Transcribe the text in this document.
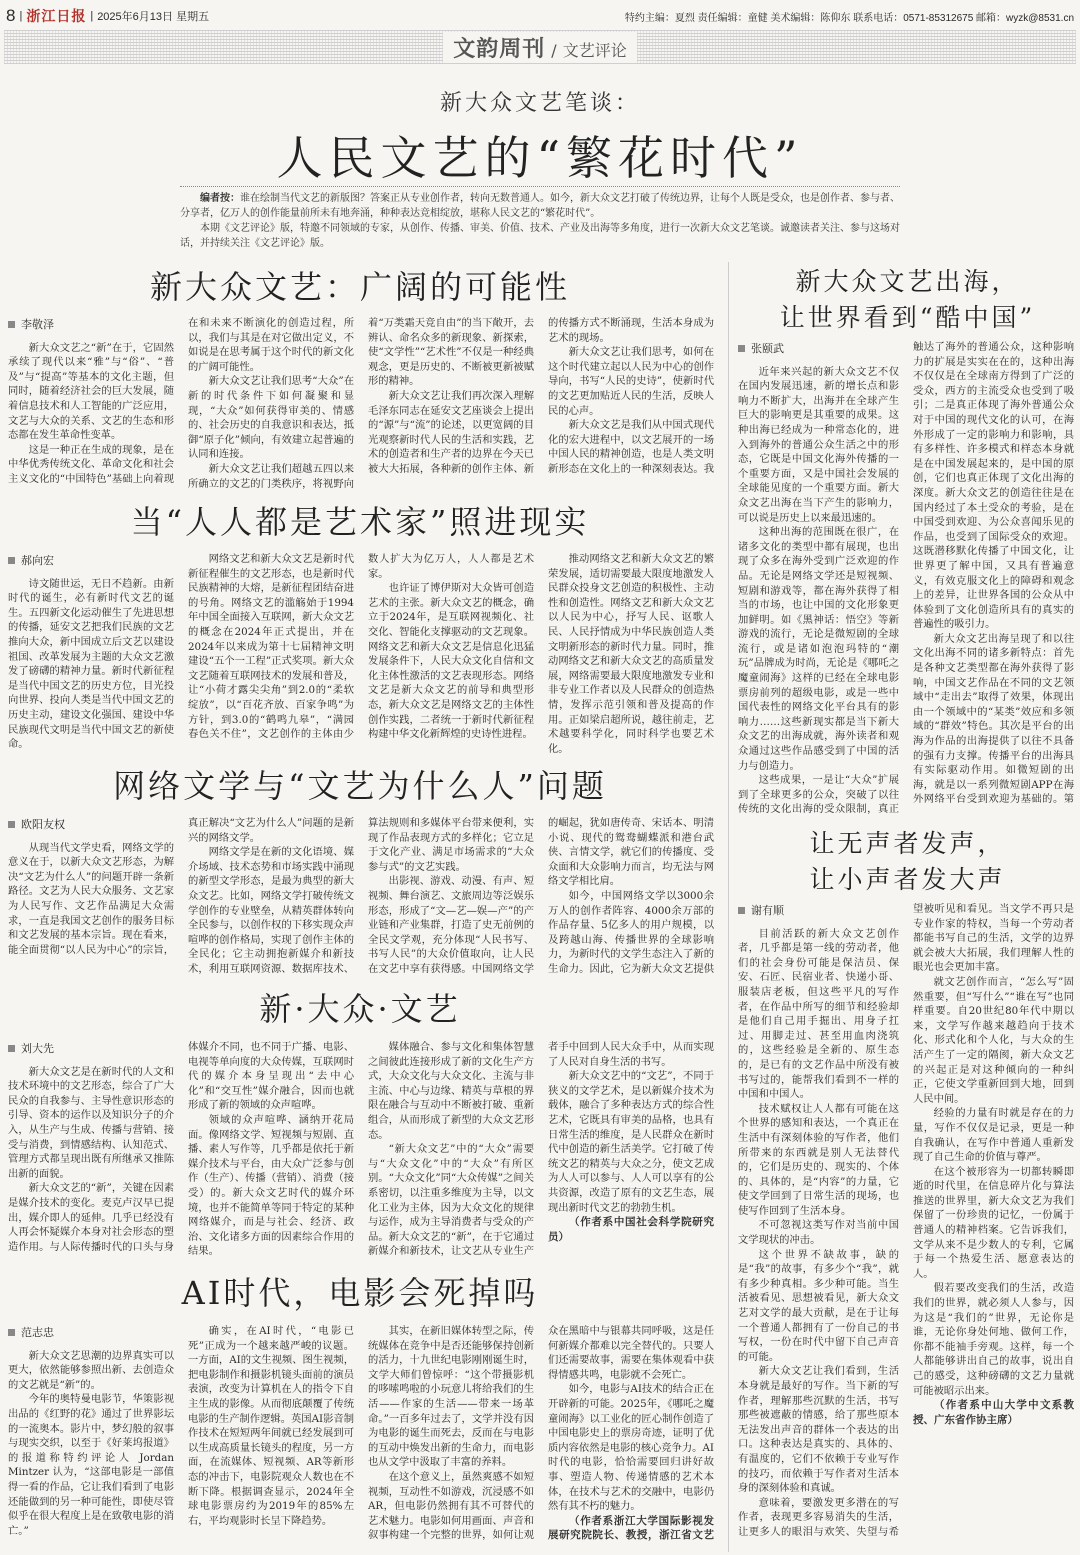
8 | 浙江日报 | 2025年6月13日 星期五	特约主编：夏烈 责任编辑：童健 美术编辑：陈仰东 联系电话：0571-85312675 邮箱：wyzk@8531.cn
文韵周刊 / 文艺评论
新大众文艺笔谈：
人民文艺的“繁花时代”

编者按：谁在绘制当代文艺的新版图？答案正从专业创作者，转向无数普通人。如今，新大众文艺打破了传统边界，让每个人既是受众，也是创作者、参与者、分享者，亿万人的创作能量前所未有地奔涌，种种表达竞相绽放，堪称人民文艺的“繁花时代”。

本期《文艺评论》版，特邀不同领域的专家，从创作、传播、审美、价值、技术、产业及出海等多角度，进行一次新大众文艺笔谈。诚邀读者关注、参与这场对话，并持续关注《文艺评论》版。

新大众文艺：广阔的可能性

李敬泽

新大众文艺之“新”在于，它固然承续了现代以来“雅”与“俗”、“普及”与“提高”等基本的文化主题，但同时，随着经济社会的巨大发展，随着信息技术和人工智能的广泛应用，文艺与大众的关系、文艺的生态和形态都在发生革命性变革。

这是一种正在生成的现象，是在中华优秀传统文化、革命文化和社会主义文化的“中国特色”基础上向着现在和未来不断演化的创造过程，所以，我们与其是在对它做出定义，不如说是在思考属于这个时代的新文化的广阔可能性。

新大众文艺让我们思考“大众”在新的时代条件下如何凝聚和显现，“大众”如何获得审美的、情感的、社会历史的自我意识和表达，抵御“原子化”倾向，有效建立起普遍的认同和连接。

新大众文艺让我们超越五四以来所确立的文艺的门类秩序，将视野向着“万类霜天竞自由”的当下敞开，去辨认、命名众多的新现象、新探索，使“文学性”“艺术性”不仅是一种经典观念，更是历史的、不断被更新被赋形的精神。

新大众文艺让我们再次深入理解毛泽东同志在延安文艺座谈会上提出的“源”与“流”的论述，以更宽阔的目光观察新时代人民的生活和实践，艺术的创造者和生产者的边界在今天已被大大拓展，各种新的创作主体、新的传播方式不断涌现，生活本身成为艺术的现场。

新大众文艺让我们思考，如何在这个时代建立起以人民为中心的创作导向，书写“人民的史诗”，使新时代的文艺更加贴近人民的生活，反映人民的心声。

新大众文艺是我们从中国式现代化的宏大进程中，以文艺展开的一场中国人民的精神创造，也是人类文明新形态在文化上的一种深刻表达。我

当“人人都是艺术家”照进现实

郝向宏

诗文随世运，无日不趋新。由新时代的诞生，必有新时代文艺的诞生。五四新文化运动催生了先进思想的传播，延安文艺把我们民族的文艺推向大众，新中国成立后文艺以建设祖国、改革发展为主题的大众文艺激发了磅礴的精神力量。新时代新征程是当代中国文艺的历史方位，目光投向世界、投向人类是当代中国文艺的历史主动，建设文化强国、建设中华民族现代文明是当代中国文艺的新使命。

网络文艺和新大众文艺是新时代新征程催生的文艺形态，也是新时代民族精神的大熔，是新征程团结奋进的号角。网络文艺的滥觞始于1994年中国全面接入互联网，新大众文艺的概念在2024年正式提出，并在2024年以来成为第十七届精神文明建设“五个一工程”正式奖项。新大众文艺随着互联网技术的发展和普及，让“小荷才露尖尖角”到2.0的“柔软绽放”，以“百花齐放、百家争鸣”为方针，到3.0的“鹤鸣九皋”，“满园春色关不住”，文艺创作的主体由少数人扩大为亿万人，人人都是艺术家。

也许证了博伊斯对大众皆可创造艺术的主张。新大众文艺的概念，确立于2024年，是互联网视频化、社交化、智能化支撑驱动的文艺现象。网络文艺和新大众文艺是信息化迅猛发展条件下，人民大众文化自信和文化主体性激活的文艺表现形态。网络文艺是新大众文艺的前导和典型形态，新大众文艺是网络文艺的主体性创作实践，二者统一于新时代新征程构建中华文化新辉煌的史诗性进程。

推动网络文艺和新大众文艺的繁荣发展，适切需要最大限度地激发人民群众投身文艺创造的积极性、主动性和创造性。网络文艺和新大众文艺以人民为中心，抒写人民、讴歌人民、人民抒情成为中华民族创造人类文明新形态的新时代力量。同时，推动网络文艺和新大众文艺的高质量发展，网络需要最大限度地激发专业和非专业工作者以及人民群众的创造热情，发挥示范引领和普及提高的作用。正如梁启超所说，越往前走，艺术越要科学化，同时科学也要艺术化。

网络文学与“文艺为什么人”问题

欧阳友权

从现当代文学史看，网络文学的意义在于，以新大众文艺形态，为解决“文艺为什么人”的问题开辟一条新路径。文艺为人民大众服务、文艺家为人民写作、文艺作品满足大众需求，一直是我国文艺创作的服务目标和文艺发展的基本宗旨。现在看来，能全面贯彻“以人民为中心”的宗旨，真正解决“文艺为什么人”问题的是新兴的网络文学。

网络文学是在新的文化语境、媒介场域、技术态势和市场实践中涌现的新型文学形态，是最为典型的新大众文艺。比如，网络文学打破传统文学创作的专业壁垒，从精英群体转向全民参与，以创作权的下移实现众声喧哗的创作格局，实现了创作主体的全民化；它主动拥抱新媒介和新技术，利用互联网资源、数据库技术、算法规则和多媒体平台带来便利，实现了作品表现方式的多样化；它立足于文化产业、满足市场需求的“大众参与式”的文艺实践。

出影视、游戏、动漫、有声、短视频、舞台演艺、文旅周边等泛娱乐形态，形成了“文—艺—娱—产”的产业链和产业集群，打造了史无前例的全民文学观，充分体现“人民书写、书写人民”的大众价值取向，让人民在文艺中享有获得感。中国网络文学的崛起，犹如唐传奇、宋话本、明清小说、现代的鸳鸯蝴蝶派和港台武侠、言情文学，就它们的传播度、受众面和大众影响力而言，均无法与网络文学相比肩。

如今，中国网络文学以3000余万人的创作者阵容、4000余万部的作品存量、5亿多人的用户规模，以及跨越山海、传播世界的全球影响力，为新时代的文学生态注入了新的生命力。因此，它为新大众文艺提供

新·大众·文艺

刘大先

新大众文艺是在新时代的人文和技术环境中的文艺形态，综合了广大民众的自我参与、主导性意识形态的引导、资本的运作以及知识分子的介入，从生产与生成、传播与营销、接受与消费，到情感结构、认知范式、管理方式都呈现出既有所继承又推陈出新的面貌。

新大众文艺的“新”，关键在因素是媒介技术的变化。麦克卢汉早已提出，媒介即人的延伸。几乎已经没有人再会怀疑媒介本身对社会形态的塑造作用。与人际传播时代的口头与身体媒介不同，也不同于广播、电影、电视等单向度的大众传媒，互联网时代的媒介本身呈现出“去中心化”和“交互性”媒介融合，因而也就形成了新的领域的众声喧哗。

领域的众声喧哗、涵纳开花局面。像网络文学、短视频与短剧、直播、素人写作等，几乎都是依托于新媒介技术与平台，由大众广泛参与创作（生产）、传播（营销）、消费（接受）的。新大众文艺时代的媒介环境，也并不能简单等同于特定的某种网络媒介，而是与社会、经济、政治、文化诸多方面的因素综合作用的结果。

媒体融合、参与文化和集体智慧之间彼此连接形成了新的文化生产方式，大众文化与大众文化、主流与非主流、中心与边缘、精英与草根的界限在融合与互动中不断被打破、重新组合，从而形成了新型的大众文艺形态。

“新大众文艺”中的“大众”需要与“大众文化”中的“大众”有所区别。“大众文化”同“大众传媒”之间关系密切，以注重多维度为主导，以文化工业为主体，因为大众文化的规律与运作，成为主导消费者与受众的产品。新大众文艺的“新”，在于它通过新媒介和新技术，让文艺从专业生产者手中回到人民大众手中，从而实现了人民对自身生活的书写。

新大众文艺中的“文艺”，不同于狭义的文学艺术，是以新媒介技术为载体，融合了多种表达方式的综合性艺术，它既具有审美的品格，也具有日常生活的维度，是人民群众在新时代中创造的新生活美学。它打破了传统文艺的精英与大众之分，使文艺成为人人可以参与、人人可以享有的公共资源，改造了原有的文艺生态，展现出新时代文艺的勃勃生机。

（作者系中国社会科学院研究员）

AI时代，电影会死掉吗

范志忠

新大众文艺思潮的边界真实可以更大，依然能够参照出新、去创造众的文艺就是“新”的。

今年的奥特曼电影节，华策影视出品的《红野的花》通过了世界影坛的一流奥本。影片中，梦幻般的叙事与现实交织，以至于《好莱坞报道》的报道称特约评论人 Jordan Mintzer 认为，“这部电影是一部值得一看的作品，它让我们看到了电影还能做到的另一种可能性，即使尽管似乎在很大程度上是在致敬电影的消亡。”

确实，在AI时代，“电影已死”正成为一个越来越严峻的议题。一方面，AI的文生视频、图生视频，把电影制作和摄影机镜头面前的演员表演，改变为计算机在人的指令下自主生成的影像。从而彻底颠覆了传统电影的生产制作逻辑。英国AI影音制作技术在短短两年间就已经发展到可以生成高质量长镜头的程度，另一方面，在流媒体、短视频、AR等新形态的冲击下，电影院观众人数也在不断下降。根据调查显示，2024年全球电影票房约为2019年的85%左右，平均观影时长呈下降趋势。

其实，在新旧媒体转型之际，传统媒体在竞争中是否还能够保持创新的活力，十九世纪电影刚刚诞生时，文学大师们曾惊呼：“这个带摄影机的哆嗦鸣啦的小玩意儿将给我们的生活——作家的生活——带来一场革命。”一百多年过去了，文学并没有因为电影的诞生而死去，反而在与电影的互动中焕发出新的生命力，而电影也从文学中汲取了丰富的养料。

在这个意义上，虽然爽感不如短视频，互动性不如游戏，沉浸感不如AR，但电影仍然拥有其不可替代的艺术魅力。电影如何用画面、声音和叙事构建一个完整的世界，如何让观众在黑暗中与银幕共同呼吸，这是任何新媒介都难以完全替代的。只要人们还需要故事，需要在集体观看中获得情感共鸣，电影就不会死亡。

如今，电影与AI技术的结合正在开辟新的可能。2025年，《哪吒之魔童闹海》以工业化的匠心制作创造了中国电影史上的票房奇迹，证明了优质内容依然是电影的核心竞争力。AI时代的电影，恰恰需要回归讲好故事、塑造人物、传递情感的艺术本体，在技术与艺术的交融中，电影仍然有其不朽的魅力。

（作者系浙江大学国际影视发展研究院院长、教授，浙江省文艺

新大众文艺出海，
让世界看到“酷中国”

张颐武

近年来兴起的新大众文艺不仅在国内发展迅速，新的增长点和影响力不断扩大，出海并在全球产生巨大的影响更是其重要的成果。这种出海已经成为一种常态化的，进入到海外的普通公众生活之中的形态，它既是中国文化海外传播的一个重要方面，又是中国社会发展的全球能见度的一个重要方面。新大众文艺出海在当下产生的影响力，可以说是历史上以来最迅速的。

这种出海的范围既在很广，在诸多文化的类型中都有展现，也出现了众多在海外受到广泛欢迎的作品。无论是网络文学还是短视频、短剧和游戏等，都在海外获得了相当的市场，也让中国的文化形象更加鲜明。如《黑神话：悟空》等新游戏的流行，无论是微短剧的全球流行，或是诸如泡泡玛特的“潮玩”品牌成为时尚，无论是《哪吒之魔童闹海》这样的已经在全球电影票房前列的超级电影，或是一些中国代表性的网络文化平台具有的影响力……这些新现实都是当下新大众文艺的出海成就，海外读者和观众通过这些作品感受到了中国的活力与创造力。

这些成果，一是让“大众”扩展到了全球更多的公众，突破了以往传统的文化出海的受众限制，真正触达了海外的普通公众，这种影响力的扩展是实实在在的，这种出海不仅仅是在全球南方得到了广泛的受众，西方的主流受众也受到了吸引；二是真正体现了海外普通公众对于中国的现代文化的认可，在海外形成了一定的影响力和影响，具有多样性、许多模式和样态本身就是在中国发展起来的，是中国的原创，它们也真正体现了文化出海的深度。新大众文艺的创造往往是在国内经过了本土受众的考验，是在中国受到欢迎、为公众喜闻乐见的作品，也受到了国际受众的欢迎。这既潜移默化传播了中国文化，让世界更了解中国，又具有普遍意义，有效克服文化上的障碍和观念上的差异，让世界各国的公众从中体验到了文化创造所具有的真实的普遍性的吸引力。

新大众文艺出海呈现了和以往文化出海不同的诸多新特点：首先是各种文艺类型都在海外获得了影响，中国文艺作品在不同的文艺领域中“走出去”取得了效果，体现出由一个领域中的“某类”效应和多领域的“群效”特色。其次是平台的出海为作品的出海提供了以往不具备的强有力支撑。传播平台的出海具有实际驱动作用。如微短剧的出海，就是以一系列微短剧APP在海外网络平台受到欢迎为基础的。第

让无声者发声，
让小声者发大声

谢有顺

目前活跃的新大众文艺创作者，几乎都是第一线的劳动者，他们的社会身份可能是保洁员、保安、石匠、民宿业者、快递小哥、服装店老板，但这些平凡的写作者，在作品中所写的细节和经验却是他们自己用手掘出、用身子扛过、用脚走过、甚至用血肉浇筑的，这些经验是全新的、原生态的，是已有的文艺作品中所没有被书写过的，能帮我们看到不一样的中国和中国人。

技术赋权让人人都有可能在这个世界的感知和表达，一个真正在生活中有深刻体验的写作者，他们所带来的东西就是别人无法替代的，它们是历史的、现实的、个体的、具体的，是“内容”的力量，它使文学回到了日常生活的现场，也使写作回到了生活本身。

不可忽视这类写作对当前中国文学现状的冲击。

这个世界不缺故事，缺的是“我”的故事，有多少个“我”，就有多少种真相。多少种可能。当生活被看见、思想被看见，新大众文艺对文学的最大贡献，是在于让每一个普通人都拥有了一份自己的书写权，一份在时代中留下自己声音的可能。

新大众文艺让我们看到，生活本身就是最好的写作。当下新的写作者，理解那些沉默的生活，书写那些被遮蔽的情感，给了那些原本无法发出声音的群体一个表达的出口。这种表达是真实的、具体的、有温度的，它们不依赖于专业写作的技巧，而依赖于写作者对生活本身的深刻体验和真诚。

意味着，要激发更多潜在的写作者，表现更多容易消失的生活，让更多人的眼泪与欢笑、失望与希望被听见和看见。当文学不再只是专业作家的特权，当每一个劳动者都能书写自己的生活，文学的边界就会被大大拓展，我们理解人性的眼光也会更加丰富。

就文艺创作而言，“怎么写”固然重要，但“写什么”“谁在写”也同样重要。自20世纪80年代中期以来，文学写作越来越趋向于技术化、形式化和个人化，与大众的生活产生了一定的隔阂，新大众文艺的兴起正是对这种倾向的一种纠正，它使文学重新回到大地，回到人民中间。

经验的力量有时就是存在的力量，写作不仅仅是记录，更是一种自我确认，在写作中普通人重新发现了自己生命的价值与尊严。

在这个被形容为一切都转瞬即逝的时代里，在信息碎片化与算法推送的世界里，新大众文艺为我们保留了一份珍贵的记忆，一份属于普通人的精神档案。它告诉我们，文学从来不是少数人的专利，它属于每一个热爱生活、愿意表达的人。

假若要改变我们的生活，改造我们的世界，就必须人人参与，因为这是“我们的”世界，无论你是谁，无论你身处何地、做何工作，你都不能袖手旁观。这样，每一个人都能够讲出自己的故事，说出自己的感受，这种磅礴的文艺力量就可能被昭示出来。

（作者系中山大学中文系教授、广东省作协主席）
